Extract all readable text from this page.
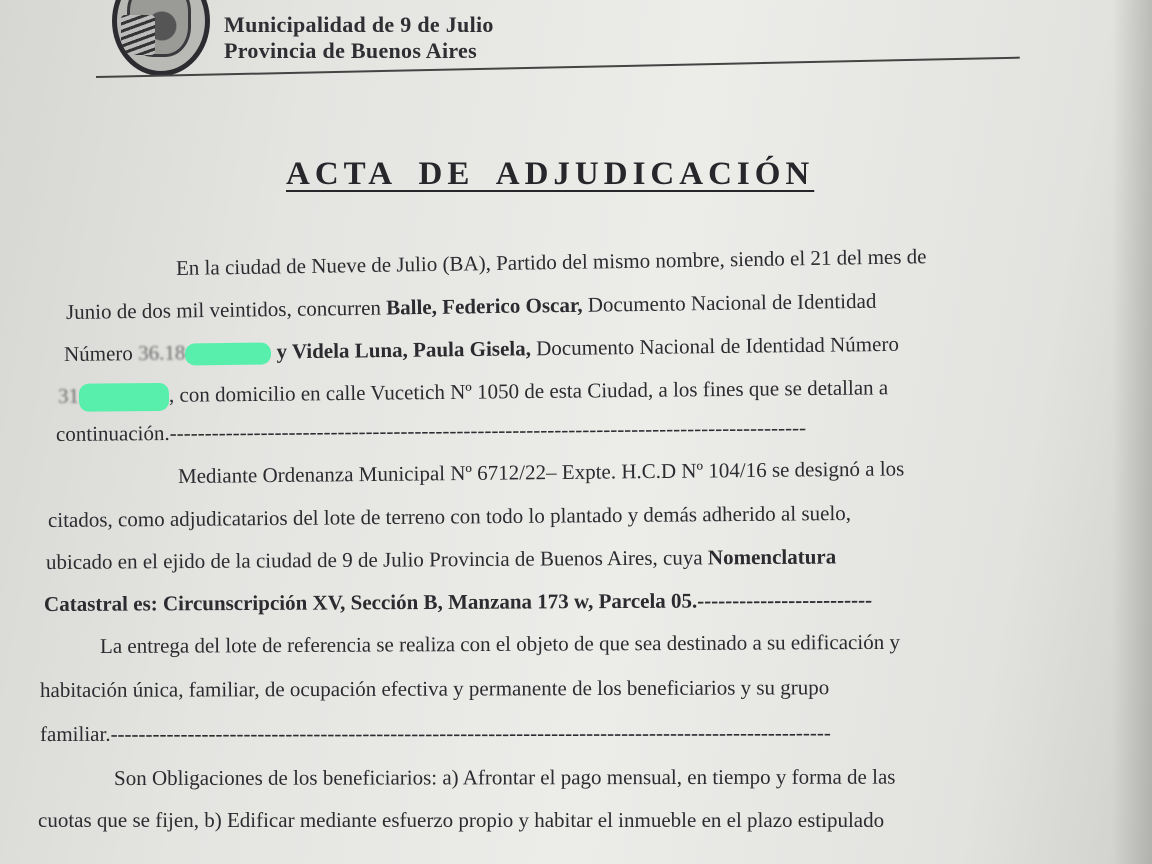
Municipalidad de 9 de Julio
Provincia de Buenos Aires
ACTA DE ADJUDICACIÓN
En la ciudad de Nueve de Julio (BA), Partido del mismo nombre, siendo el 21 del mes de
Junio de dos mil veintidos, concurren Balle, Federico Oscar, Documento Nacional de Identidad
Número 36.18	y Videla Luna, Paula Gisela, Documento Nacional de Identidad Número
31	, con domicilio en calle Vucetich Nº 1050 de esta Ciudad, a los fines que se detallan a
continuación.-------------------------------------------------------------------------------------------
Mediante Ordenanza Municipal Nº 6712/22– Expte. H.C.D Nº 104/16 se designó a los
citados, como adjudicatarios del lote de terreno con todo lo plantado y demás adherido al suelo,
ubicado en el ejido de la ciudad de 9 de Julio Provincia de Buenos Aires, cuya Nomenclatura
Catastral es: Circunscripción XV, Sección B, Manzana 173 w, Parcela 05.-------------------------
La entrega del lote de referencia se realiza con el objeto de que sea destinado a su edificación y
habitación única, familiar, de ocupación efectiva y permanente de los beneficiarios y su grupo
familiar.-------------------------------------------------------------------------------------------------------
Son Obligaciones de los beneficiarios: a) Afrontar el pago mensual, en tiempo y forma de las
cuotas que se fijen, b) Edificar mediante esfuerzo propio y habitar el inmueble en el plazo estipulado
